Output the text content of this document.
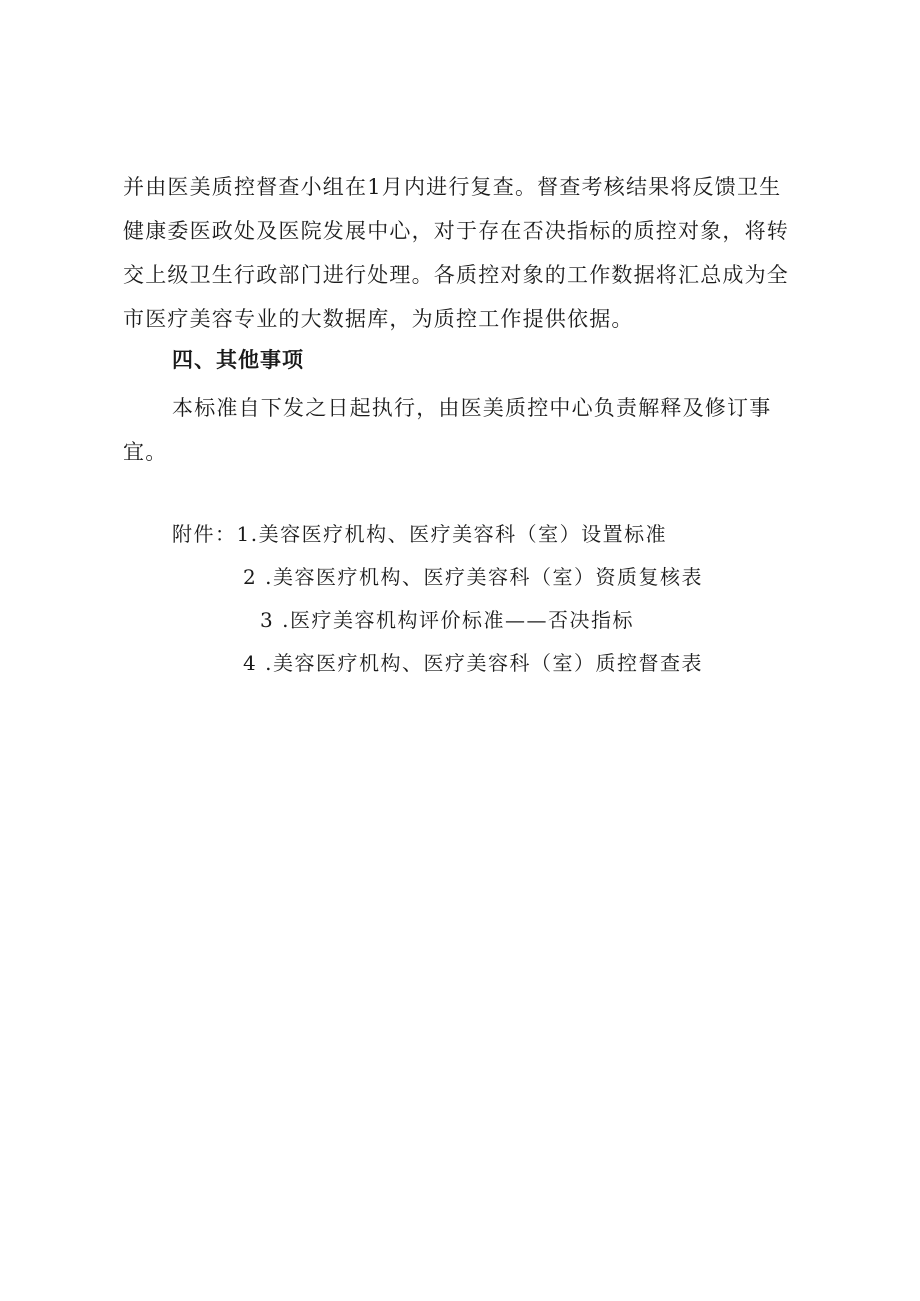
并由医美质控督查小组在1月内进行复查。督查考核结果将反馈卫生
健康委医政处及医院发展中心，对于存在否决指标的质控对象，将转
交上级卫生行政部门进行处理。各质控对象的工作数据将汇总成为全
市医疗美容专业的大数据库，为质控工作提供依据。
四、其他事项
本标准自下发之日起执行，由医美质控中心负责解释及修订事
宜。
附件：1.美容医疗机构、医疗美容科（室）设置标准
2 .美容医疗机构、医疗美容科（室）资质复核表
3 .医疗美容机构评价标准——否决指标
4 .美容医疗机构、医疗美容科（室）质控督查表
